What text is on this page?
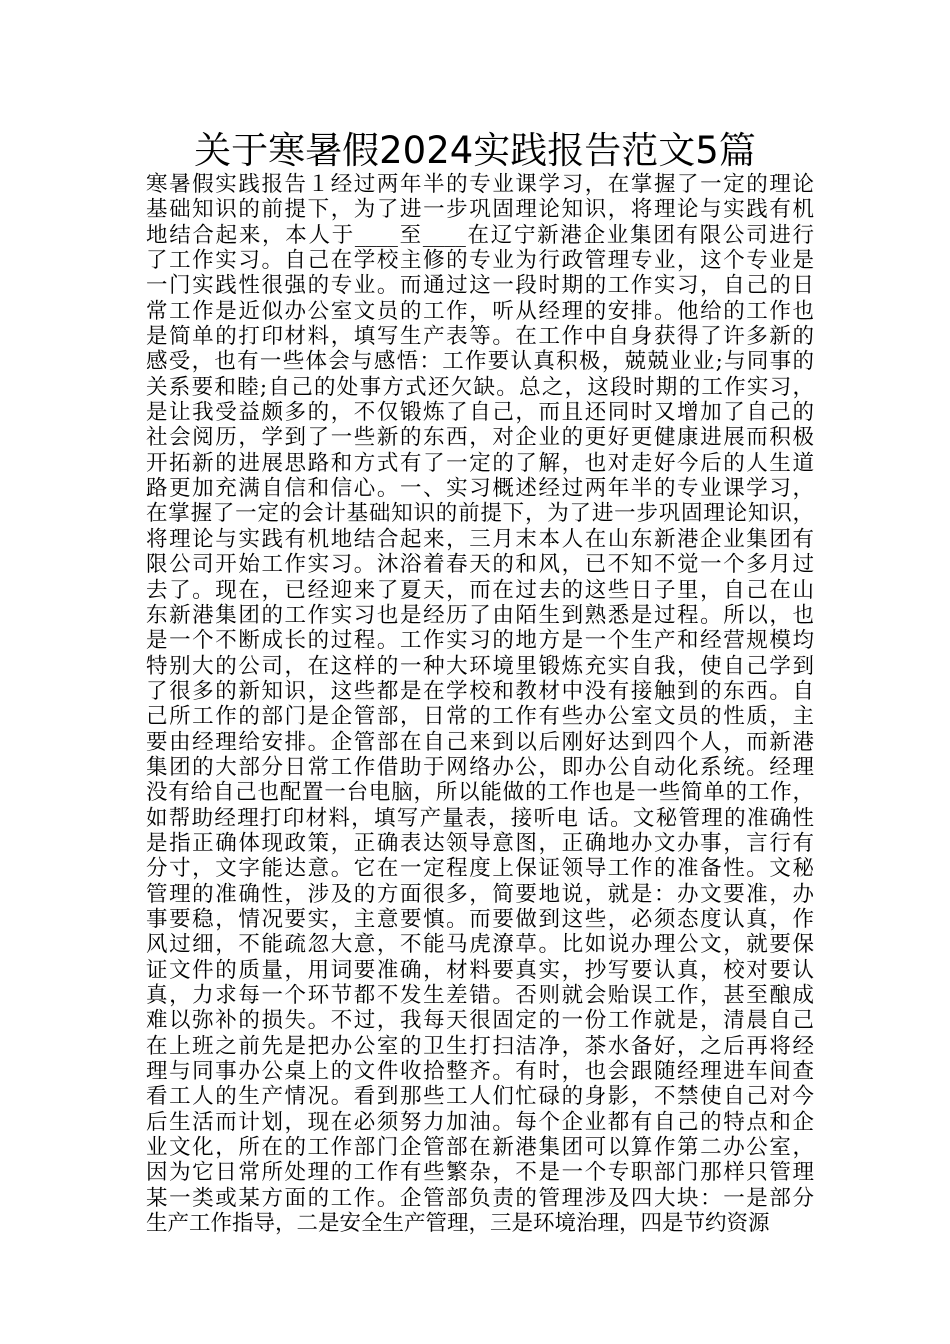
关于寒暑假2024实践报告范文5篇
寒暑假实践报告１经过两年半的专业课学习，在掌握了一定的理论
基础知识的前提下，为了进一步巩固理论知识，将理论与实践有机
地结合起来，本人于____至____在辽宁新港企业集团有限公司进行
了工作实习。自己在学校主修的专业为行政管理专业，这个专业是
一门实践性很强的专业。而通过这一段时期的工作实习，自己的日
常工作是近似办公室文员的工作，听从经理的安排。他给的工作也
是简单的打印材料，填写生产表等。在工作中自身获得了许多新的
感受，也有一些体会与感悟：工作要认真积极，兢兢业业;与同事的
关系要和睦;自己的处事方式还欠缺。总之，这段时期的工作实习，
是让我受益颇多的，不仅锻炼了自己，而且还同时又增加了自己的
社会阅历，学到了一些新的东西，对企业的更好更健康进展而积极
开拓新的进展思路和方式有了一定的了解，也对走好今后的人生道
路更加充满自信和信心。一、实习概述经过两年半的专业课学习，
在掌握了一定的会计基础知识的前提下，为了进一步巩固理论知识，
将理论与实践有机地结合起来，三月末本人在山东新港企业集团有
限公司开始工作实习。沐浴着春天的和风，已不知不觉一个多月过
去了。现在，已经迎来了夏天，而在过去的这些日子里，自己在山
东新港集团的工作实习也是经历了由陌生到熟悉是过程。所以，也
是一个不断成长的过程。工作实习的地方是一个生产和经营规模均
特别大的公司，在这样的一种大环境里锻炼充实自我，使自己学到
了很多的新知识，这些都是在学校和教材中没有接触到的东西。自
己所工作的部门是企管部，日常的工作有些办公室文员的性质，主
要由经理给安排。企管部在自己来到以后刚好达到四个人，而新港
集团的大部分日常工作借助于网络办公，即办公自动化系统。经理
没有给自己也配置一台电脑，所以能做的工作也是一些简单的工作，
如帮助经理打印材料，填写产量表，接听电 话。文秘管理的准确性
是指正确体现政策，正确表达领导意图，正确地办文办事，言行有
分寸，文字能达意。它在一定程度上保证领导工作的准备性。文秘
管理的准确性，涉及的方面很多，简要地说，就是：办文要准，办
事要稳，情况要实，主意要慎。而要做到这些，必须态度认真，作
风过细，不能疏忽大意，不能马虎潦草。比如说办理公文，就要保
证文件的质量，用词要准确，材料要真实，抄写要认真，校对要认
真，力求每一个环节都不发生差错。否则就会贻误工作，甚至酿成
难以弥补的损失。不过，我每天很固定的一份工作就是，清晨自己
在上班之前先是把办公室的卫生打扫洁净，茶水备好，之后再将经
理与同事办公桌上的文件收拾整齐。有时，也会跟随经理进车间查
看工人的生产情况。看到那些工人们忙碌的身影，不禁使自己对今
后生活而计划，现在必须努力加油。每个企业都有自己的特点和企
业文化，所在的工作部门企管部在新港集团可以算作第二办公室，
因为它日常所处理的工作有些繁杂，不是一个专职部门那样只管理
某一类或某方面的工作。企管部负责的管理涉及四大块：一是部分
生产工作指导，二是安全生产管理，三是环境治理，四是节约资源
